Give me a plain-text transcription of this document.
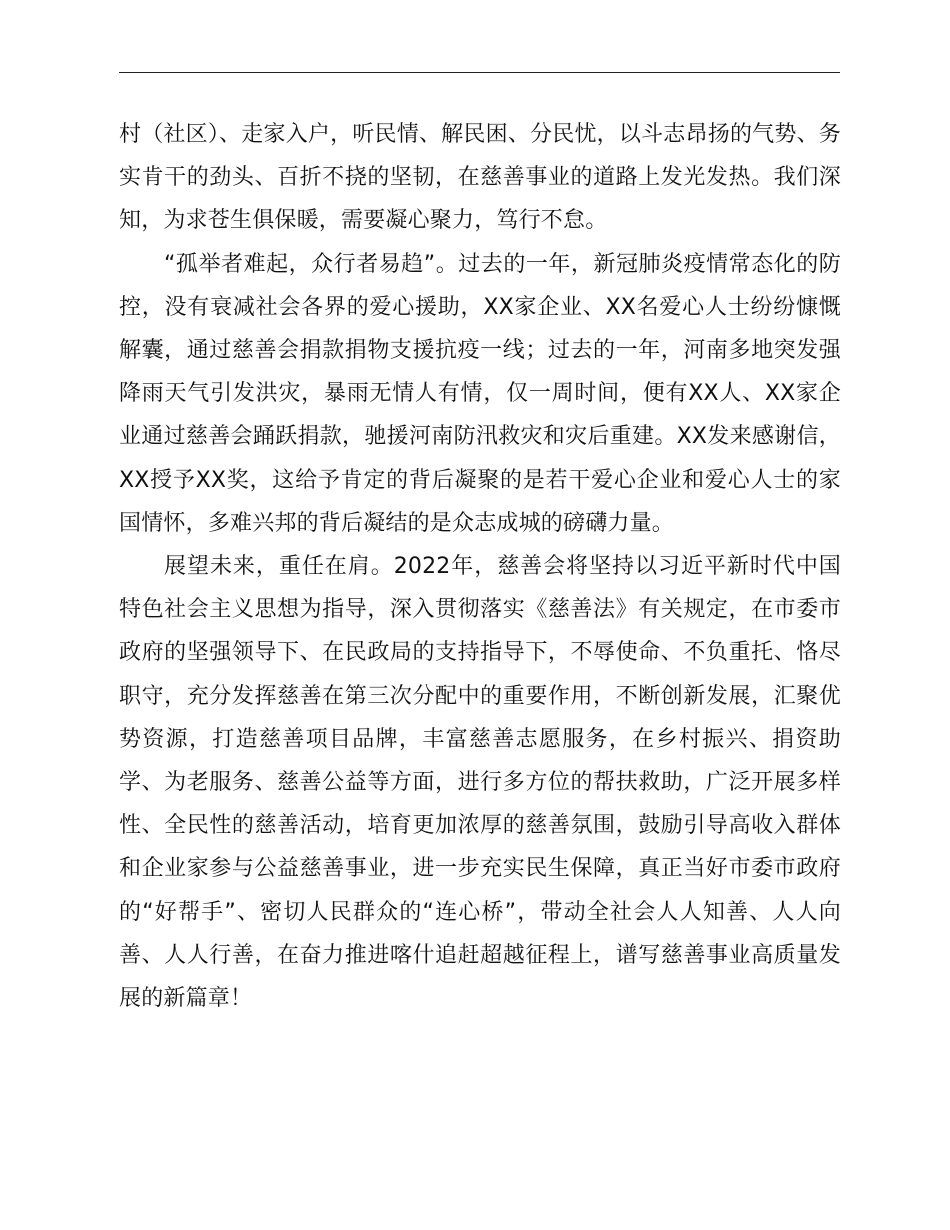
村（社区）、走家入户，听民情、解民困、分民忧，以斗志昂扬的气势、务实肯干的劲头、百折不挠的坚韧，在慈善事业的道路上发光发热。我们深知，为求苍生俱保暖，需要凝心聚力，笃行不怠。

“孤举者难起，众行者易趋”。过去的一年，新冠肺炎疫情常态化的防控，没有衰减社会各界的爱心援助，XX家企业、XX名爱心人士纷纷慷慨解囊，通过慈善会捐款捐物支援抗疫一线；过去的一年，河南多地突发强降雨天气引发洪灾，暴雨无情人有情，仅一周时间，便有XX人、XX家企业通过慈善会踊跃捐款，驰援河南防汛救灾和灾后重建。XX发来感谢信，XX授予XX奖，这给予肯定的背后凝聚的是若干爱心企业和爱心人士的家国情怀，多难兴邦的背后凝结的是众志成城的磅礴力量。

展望未来，重任在肩。2022年，慈善会将坚持以习近平新时代中国特色社会主义思想为指导，深入贯彻落实《慈善法》有关规定，在市委市政府的坚强领导下、在民政局的支持指导下，不辱使命、不负重托、恪尽职守，充分发挥慈善在第三次分配中的重要作用，不断创新发展，汇聚优势资源，打造慈善项目品牌，丰富慈善志愿服务，在乡村振兴、捐资助学、为老服务、慈善公益等方面，进行多方位的帮扶救助，广泛开展多样性、全民性的慈善活动，培育更加浓厚的慈善氛围，鼓励引导高收入群体和企业家参与公益慈善事业，进一步充实民生保障，真正当好市委市政府的“好帮手”、密切人民群众的“连心桥”，带动全社会人人知善、人人向善、人人行善，在奋力推进喀什追赶超越征程上，谱写慈善事业高质量发展的新篇章！
